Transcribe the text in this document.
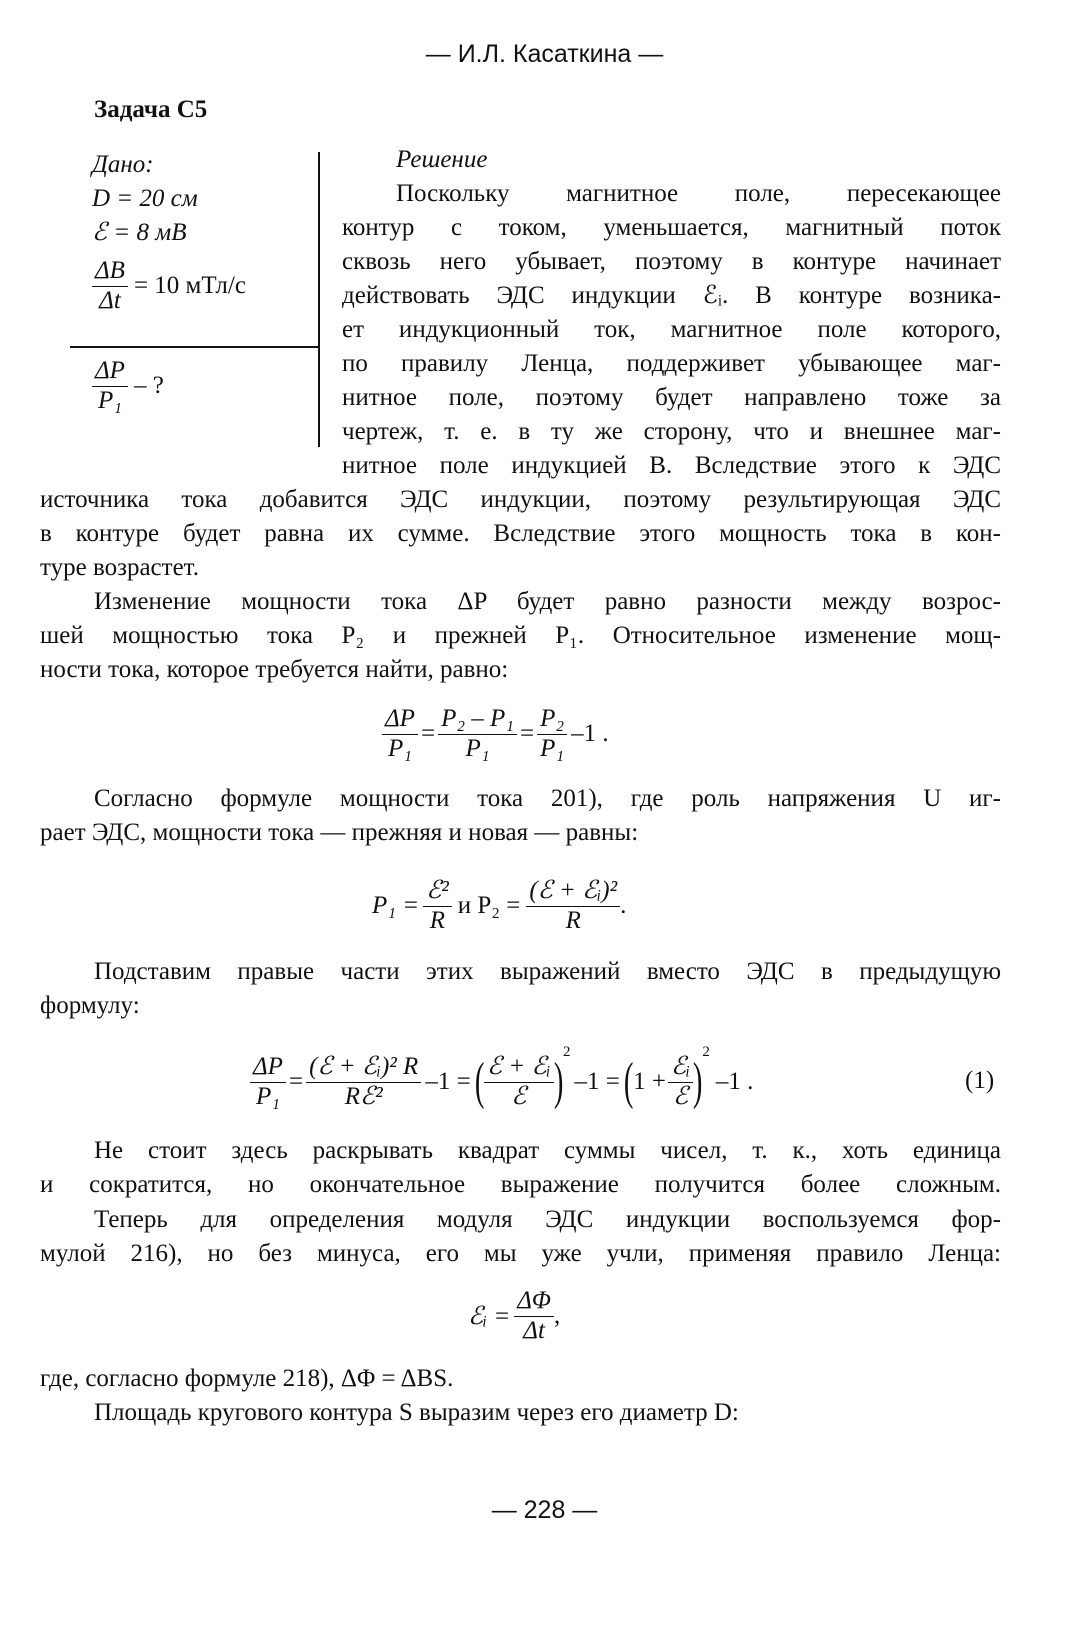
— И.Л. Касаткина —
Задача С5
Дано:
D = 20 см
ℰ = 8 мВ
$\frac{\Delta B}{\Delta t} = 10$ мТл/с
$\frac{\Delta P}{\text{P₁}}$ – ?
Решение
Поскольку магнитное поле, пересекающее
контур с током, уменьшается, магнитный поток
сквозь него убывает, поэтому в контуре начинает
действовать ЭДС индукции ℰᵢ. В контуре возника-
ет индукционный ток, магнитное поле которого,
по правилу Ленца, поддерживет убывающее маг-
нитное поле, поэтому будет направлено тоже за
чертеж, т. е. в ту же сторону, что и внешнее маг-
нитное поле индукцией B. Вследствие этого к ЭДС
источника тока добавится ЭДС индукции, поэтому результирующая ЭДС
в контуре будет равна их сумме. Вследствие этого мощность тока в кон-
туре возрастет.
Изменение мощности тока ΔP будет равно разности между возрос-
шей мощностью тока P₂ и прежней P₁. Относительное изменение мощ-
ности тока, которое требуется найти, равно:
$\frac{\Delta P}{\text{P₁}} = \frac{\text{P₂ – P₁}}{\text{P₁}} = \frac{\text{P₂}}{\text{P₁}} -1$ .
Согласно формуле мощности тока 201), где роль напряжения U иг-
рает ЭДС, мощности тока — прежняя и новая — равны:
$P_1 = \frac{\text{ℰ²}}{R}$ и $P_2 = \frac{\text{(ℰ + ℰᵢ)²}}{R}$ .
Подставим правые части этих выражений вместо ЭДС в предыдущую
формулу:
$\frac{\Delta P}{\text{P₁}} = \frac{\text{(ℰ + ℰᵢ)² R}}{\text{Rℰ²}} -1$ = ( $\frac{\text{ℰ + ℰᵢ}}{\text{ℰ}}$ )
2
–1 = ( $1 + \frac{\text{ℰᵢ}}{\text{ℰ}}$ )
2
–1 .	(1)
Не стоит здесь раскрывать квадрат суммы чисел, т. к., хоть единица
и сократится, но окончательное выражение получится более сложным.
Теперь для определения модуля ЭДС индукции воспользуемся фор-
мулой 216), но без минуса, его мы уже учли, применяя правило Ленца:
ℰᵢ = $\frac{\Delta\Phi}{\Delta t}$ ,
где, согласно формуле 218), ΔΦ = ΔBS.
Площадь кругового контура S выразим через его диаметр D:
— 228 —
